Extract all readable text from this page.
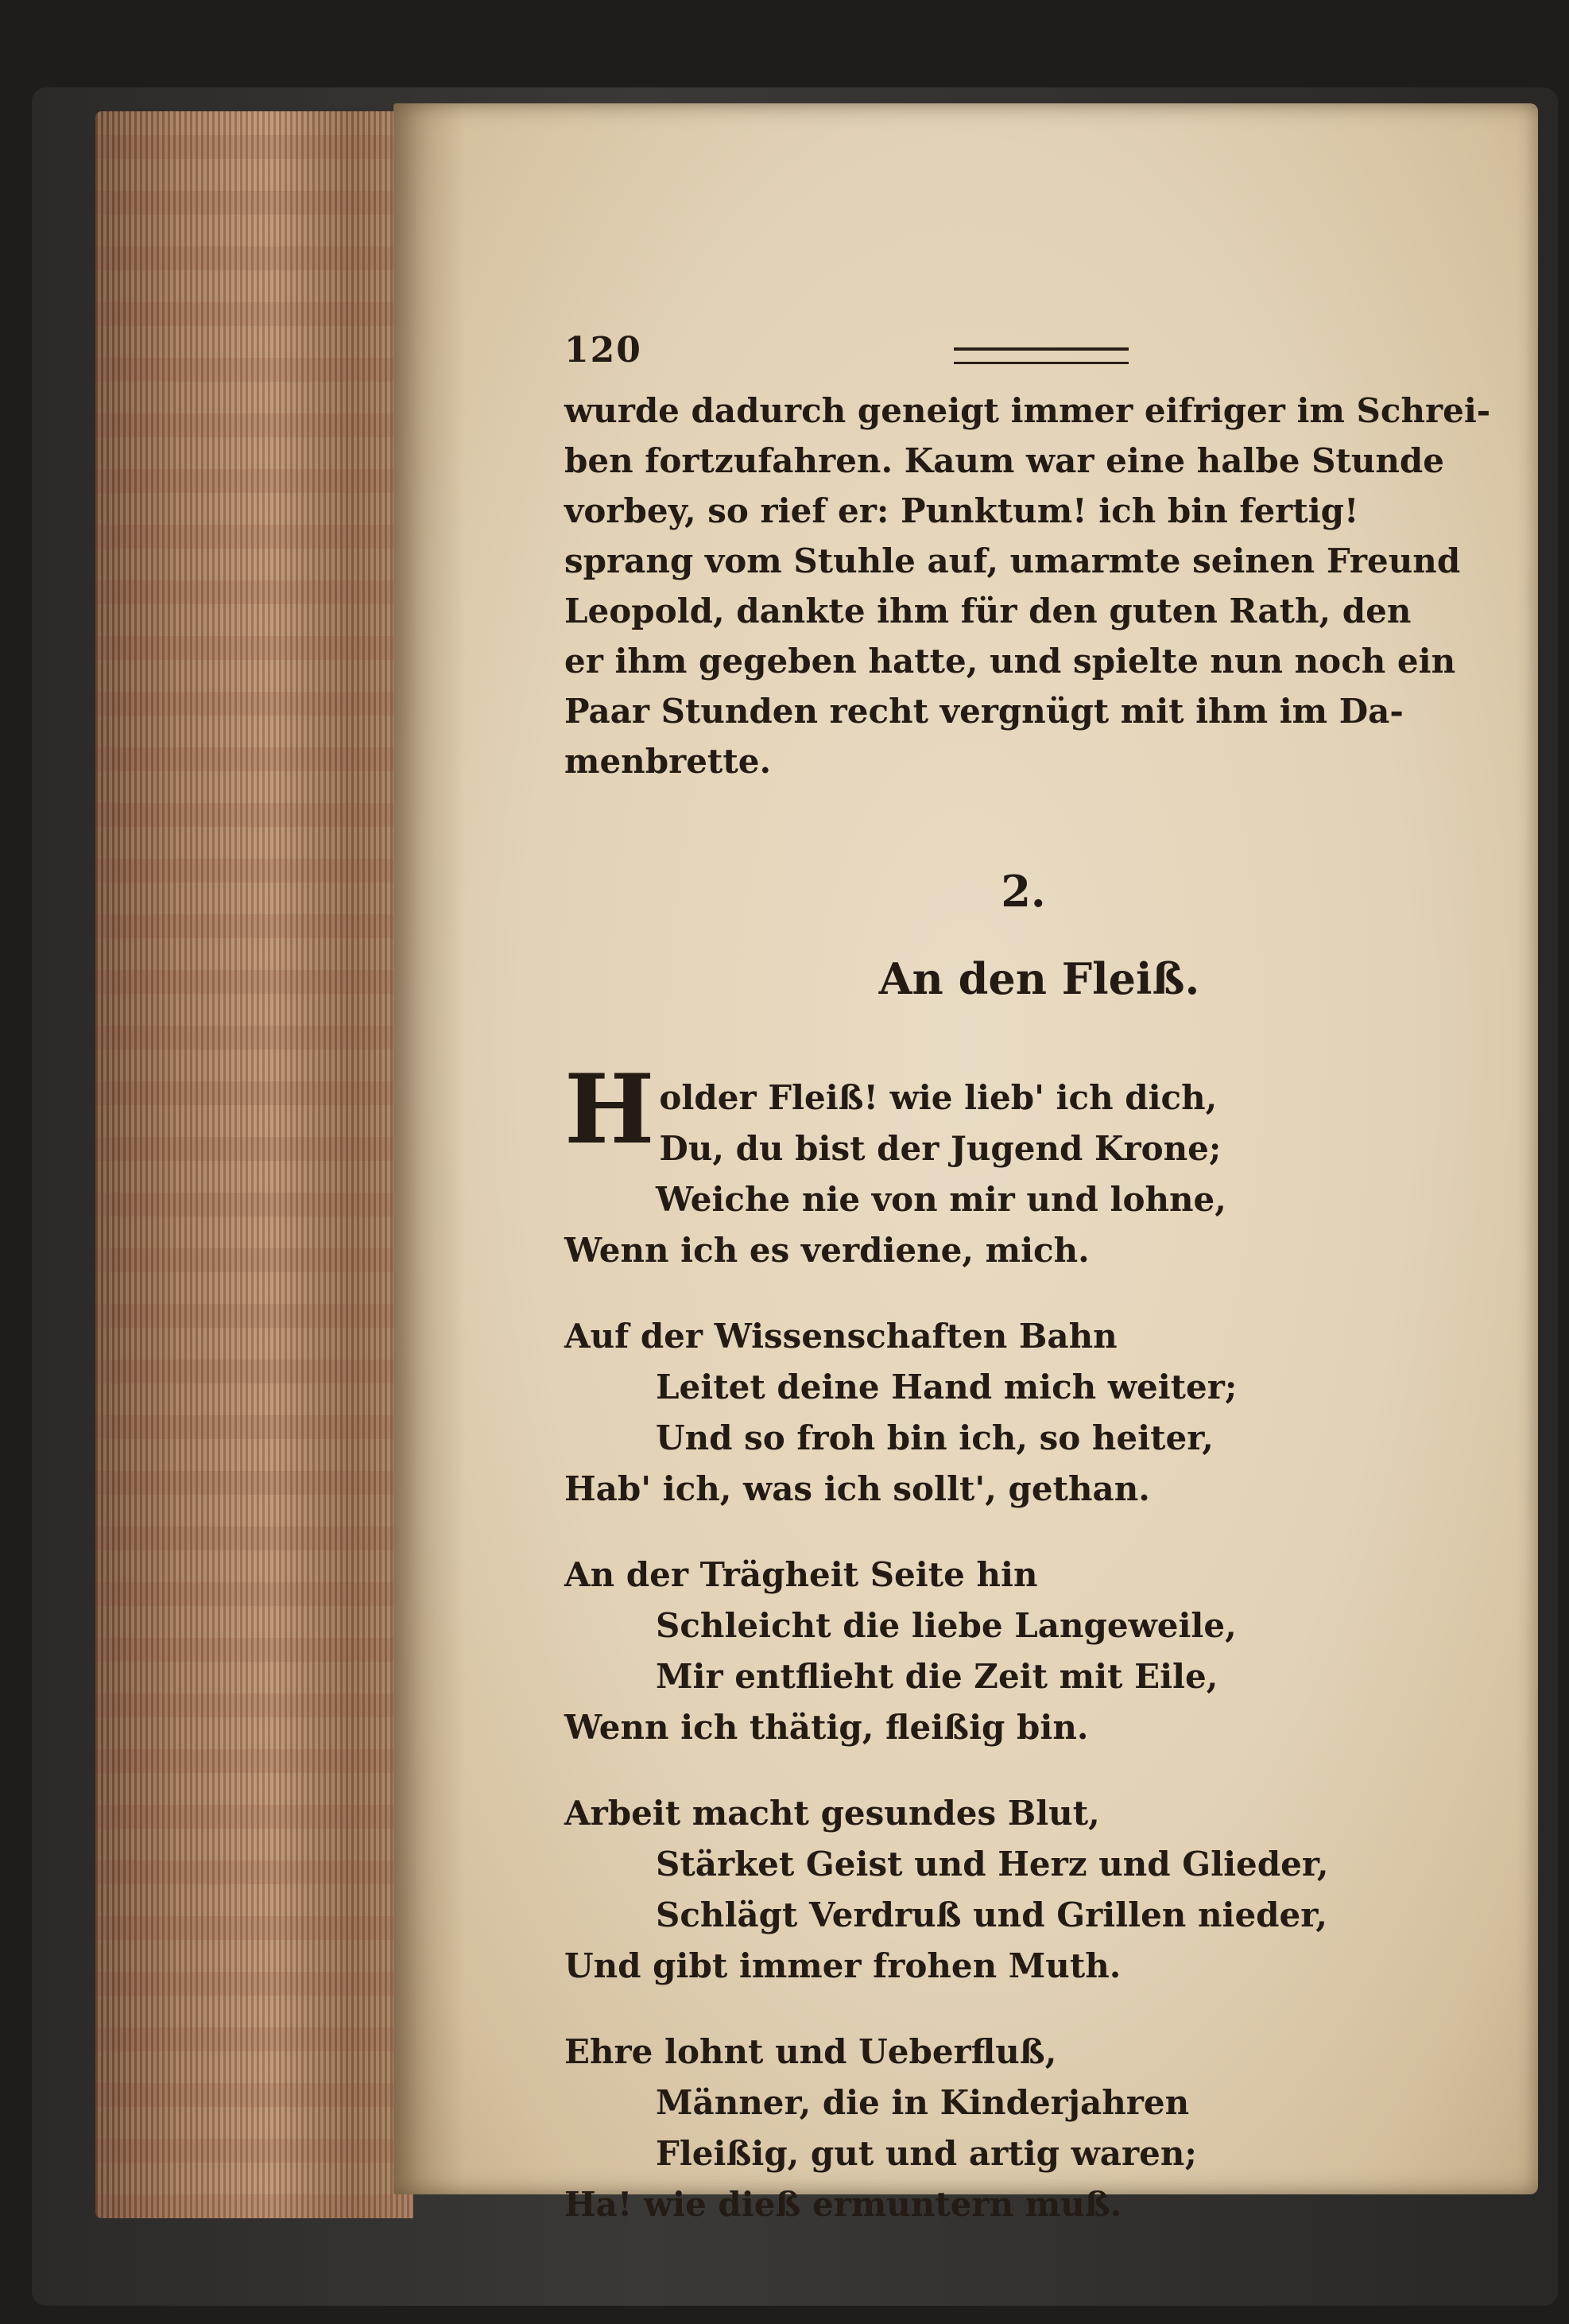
120
wurde dadurch geneigt immer eifriger im Schrei-
ben fortzufahren. Kaum war eine halbe Stunde
vorbey, so rief er: Punktum! ich bin fertig!
sprang vom Stuhle auf, umarmte seinen Freund
Leopold, dankte ihm für den guten Rath, den
er ihm gegeben hatte, und spielte nun noch ein
Paar Stunden recht vergnügt mit ihm im Da-
menbrette.
2.
An den Fleiß.
H older Fleiß! wie lieb' ich dich,
Du, du bist der Jugend Krone;
Weiche nie von mir und lohne,
Wenn ich es verdiene, mich.
Auf der Wissenschaften Bahn
Leitet deine Hand mich weiter;
Und so froh bin ich, so heiter,
Hab' ich, was ich sollt', gethan.
An der Trägheit Seite hin
Schleicht die liebe Langeweile,
Mir entflieht die Zeit mit Eile,
Wenn ich thätig, fleißig bin.
Arbeit macht gesundes Blut,
Stärket Geist und Herz und Glieder,
Schlägt Verdruß und Grillen nieder,
Und gibt immer frohen Muth.
Ehre lohnt und Ueberfluß,
Männer, die in Kinderjahren
Fleißig, gut und artig waren;
Ha! wie dieß ermuntern muß.
